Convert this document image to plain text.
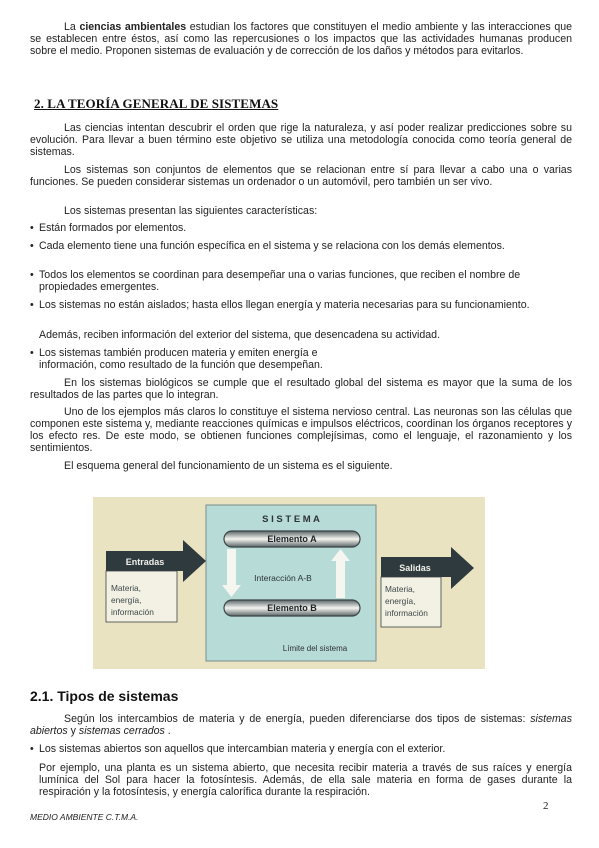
La ciencias ambientales estudian los factores que constituyen el medio ambiente y las interacciones que se establecen entre éstos, así como las repercusiones o los impactos que las actividades humanas producen sobre el medio. Proponen sistemas de evaluación y de corrección de los daños y métodos para evitarlos.
2. LA TEORÍA GENERAL DE SISTEMAS
Las ciencias intentan descubrir el orden que rige la naturaleza, y así poder realizar predicciones sobre su evolución. Para llevar a buen término este objetivo se utiliza una metodología conocida como teoría general de sistemas.
Los sistemas son conjuntos de elementos que se relacionan entre sí para llevar a cabo una o varias funciones. Se pueden considerar sistemas un ordenador o un automóvil, pero también un ser vivo.
Los sistemas presentan las siguientes características:
• Están formados por elementos.
• Cada elemento tiene una función específica en el sistema y se relaciona con los demás elementos.
• Todos los elementos se coordinan para desempeñar una o varias funciones, que reciben el nombre de propiedades emergentes.
• Los sistemas no están aislados; hasta ellos llegan energía y materia necesarias para su funcionamiento.
Además, reciben información del exterior del sistema, que desencadena su actividad.
• Los sistemas también producen materia y emiten energía e información, como resultado de la función que desempeñan.
En los sistemas biológicos se cumple que el resultado global del sistema es mayor que la suma de los resultados de las partes que lo integran.
Uno de los ejemplos más claros lo constituye el sistema nervioso central. Las neuronas son las células que componen este sistema y, mediante reacciones químicas e impulsos eléctricos, coordinan los órganos receptores y los efecto res. De este modo, se obtienen funciones complejísimas, como el lenguaje, el razonamiento y los sentimientos.
El esquema general del funcionamiento de un sistema es el siguiente.
S I S T E M A
Elemento A
Elemento B
Interacción A-B
Límite del sistema
Entradas
Materia,
energía,
información
Salidas
Materia,
energía,
información
2.1. Tipos de sistemas
Según los intercambios de materia y de energía, pueden diferenciarse dos tipos de sistemas: sistemas abiertos y sistemas cerrados .
• Los sistemas abiertos son aquellos que intercambian materia y energía con el exterior.
Por ejemplo, una planta es un sistema abierto, que necesita recibir materia a través de sus raíces y energía lumínica del Sol para hacer la fotosíntesis. Además, de ella sale materia en forma de gases durante la respiración y la fotosíntesis, y energía calorífica durante la respiración.
2
MEDIO AMBIENTE C.T.M.A.
